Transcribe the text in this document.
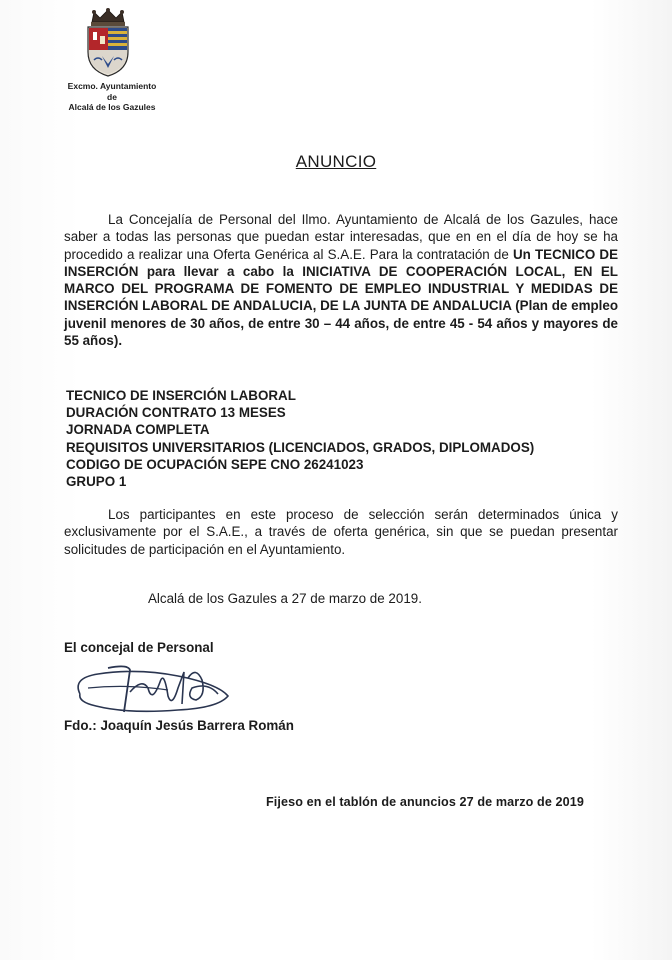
Excmo. Ayuntamiento
de
Alcalá de los Gazules
ANUNCIO
La Concejalía de Personal del Ilmo. Ayuntamiento de Alcalá de los Gazules, hace saber a todas las personas que puedan estar interesadas, que en en el día de hoy se ha procedido a realizar una Oferta Genérica al S.A.E. Para la contratación de Un TECNICO DE INSERCIÓN para llevar a cabo la INICIATIVA DE COOPERACIÓN LOCAL, EN EL MARCO DEL PROGRAMA DE FOMENTO DE EMPLEO INDUSTRIAL Y MEDIDAS DE INSERCIÓN LABORAL DE ANDALUCIA, DE LA JUNTA DE ANDALUCIA (Plan de empleo juvenil menores de 30 años, de entre 30 – 44 años, de entre 45 - 54 años y mayores de 55 años).
TECNICO DE INSERCIÓN LABORAL
DURACIÓN CONTRATO 13 MESES
JORNADA COMPLETA
REQUISITOS UNIVERSITARIOS (LICENCIADOS, GRADOS, DIPLOMADOS)
CODIGO DE OCUPACIÓN SEPE CNO 26241023
GRUPO 1
Los participantes en este proceso de selección serán determinados única y exclusivamente por el S.A.E., a través de oferta genérica, sin que se puedan presentar solicitudes de participación en el Ayuntamiento.
Alcalá de los Gazules a 27 de marzo de 2019.
El concejal de Personal
Fdo.: Joaquín Jesús Barrera Román
Fijeso en el tablón de anuncios 27 de marzo de 2019
